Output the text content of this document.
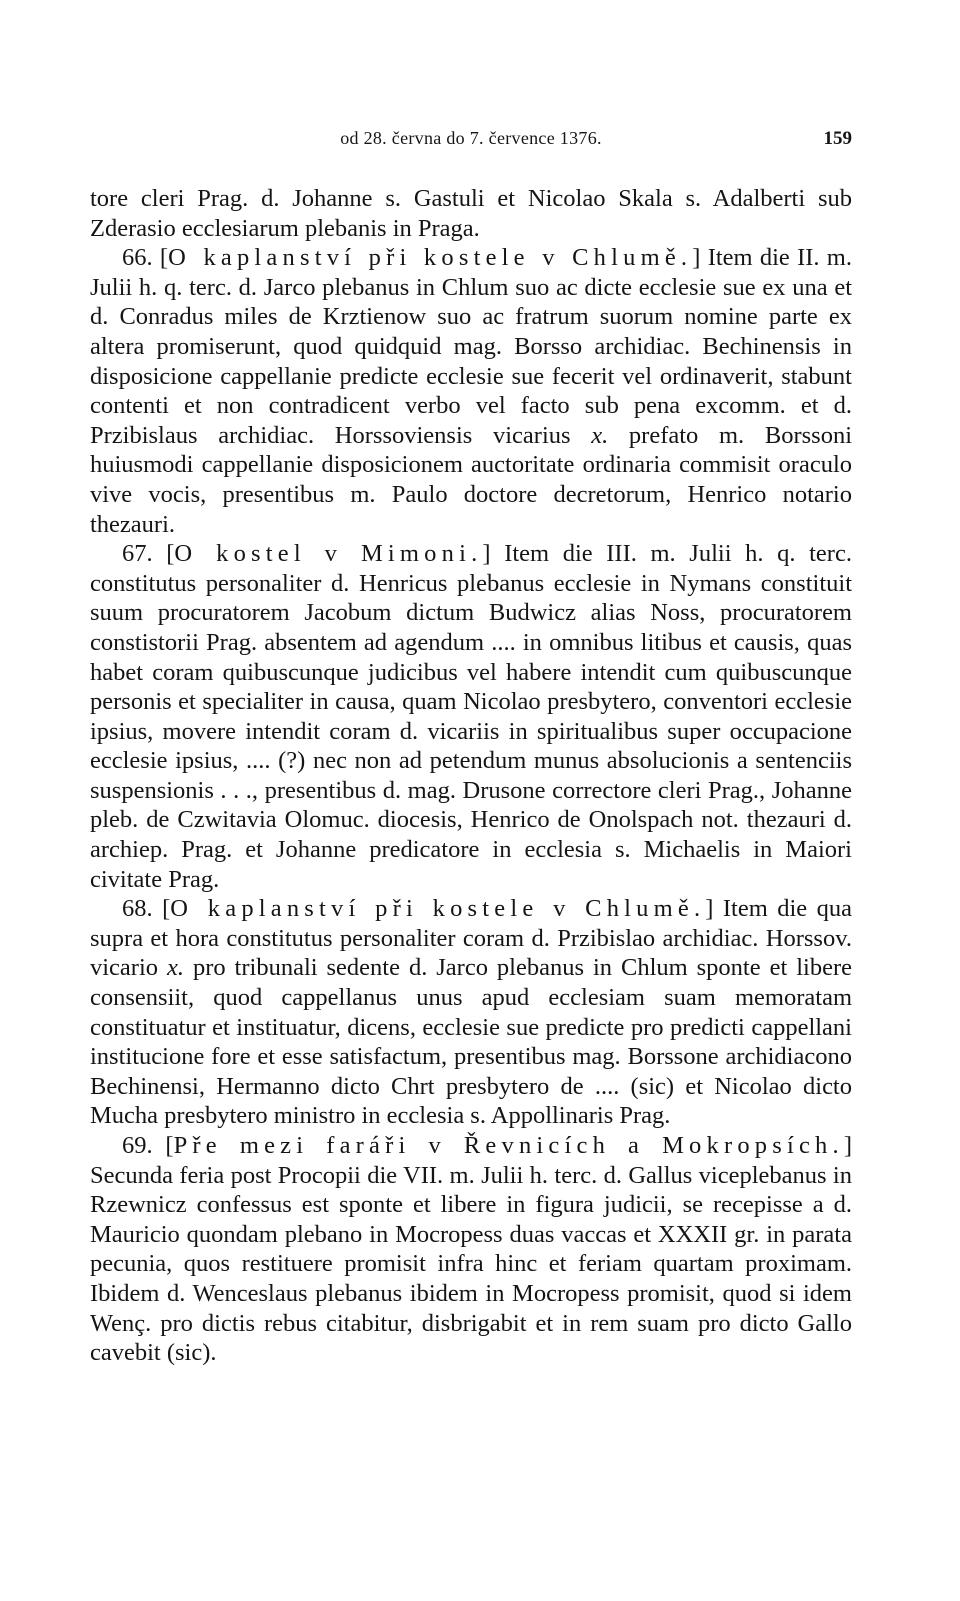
od 28. června do 7. července 1376.	159

tore cleri Prag. d. Johanne s. Gastuli et Nicolao Skala s. Adalberti sub Zderasio ecclesiarum plebanis in Praga.

66. [O kaplanství při kostele v Chlumě.] Item die II. m. Julii h. q. terc. d. Jarco plebanus in Chlum suo ac dicte ecclesie sue ex una et d. Conradus miles de Krztienow suo ac fratrum suorum nomine parte ex altera promiserunt, quod quidquid mag. Borsso archidiac. Bechinensis in disposicione cappellanie predicte ecclesie sue fecerit vel ordinaverit, stabunt contenti et non contradicent verbo vel facto sub pena excomm. et d. Przibislaus archidiac. Horssoviensis vicarius x. prefato m. Borssoni huiusmodi cappellanie disposicionem auctoritate ordinaria commisit oraculo vive vocis, presentibus m. Paulo doctore decretorum, Henrico notario thezauri.

67. [O kostel v Mimoni.] Item die III. m. Julii h. q. terc. constitutus personaliter d. Henricus plebanus ecclesie in Nymans constituit suum procuratorem Jacobum dictum Budwicz alias Noss, procuratorem constistorii Prag. absentem ad agendum .... in omnibus litibus et causis, quas habet coram quibuscunque judicibus vel habere intendit cum quibuscunque personis et specialiter in causa, quam Nicolao presbytero, conventori ecclesie ipsius, movere intendit coram d. vicariis in spiritualibus super occupacione ecclesie ipsius, .... (?) nec non ad petendum munus absolucionis a sentenciis suspensionis . . ., presentibus d. mag. Drusone correctore cleri Prag., Johanne pleb. de Czwitavia Olomuc. diocesis, Henrico de Onolspach not. thezauri d. archiep. Prag. et Johanne predicatore in ecclesia s. Michaelis in Maiori civitate Prag.

68. [O kaplanství při kostele v Chlumě.] Item die qua supra et hora constitutus personaliter coram d. Przibislao archidiac. Horssov. vicario x. pro tribunali sedente d. Jarco plebanus in Chlum sponte et libere consensiit, quod cappellanus unus apud ecclesiam suam memoratam constituatur et instituatur, dicens, ecclesie sue predicte pro predicti cappellani institucione fore et esse satisfactum, presentibus mag. Borssone archidiacono Bechinensi, Hermanno dicto Chrt presbytero de .... (sic) et Nicolao dicto Mucha presbytero ministro in ecclesia s. Appollinaris Prag.

69. [Pře mezi faráři v Řevnicích a Mokropsích.] Secunda feria post Procopii die VII. m. Julii h. terc. d. Gallus viceplebanus in Rzewnicz confessus est sponte et libere in figura judicii, se recepisse a d. Mauricio quondam plebano in Mocropess duas vaccas et XXXII gr. in parata pecunia, quos restituere promisit infra hinc et feriam quartam proximam. Ibidem d. Wenceslaus plebanus ibidem in Mocropess promisit, quod si idem Wenç. pro dictis rebus citabitur, disbrigabit et in rem suam pro dicto Gallo cavebit (sic).
